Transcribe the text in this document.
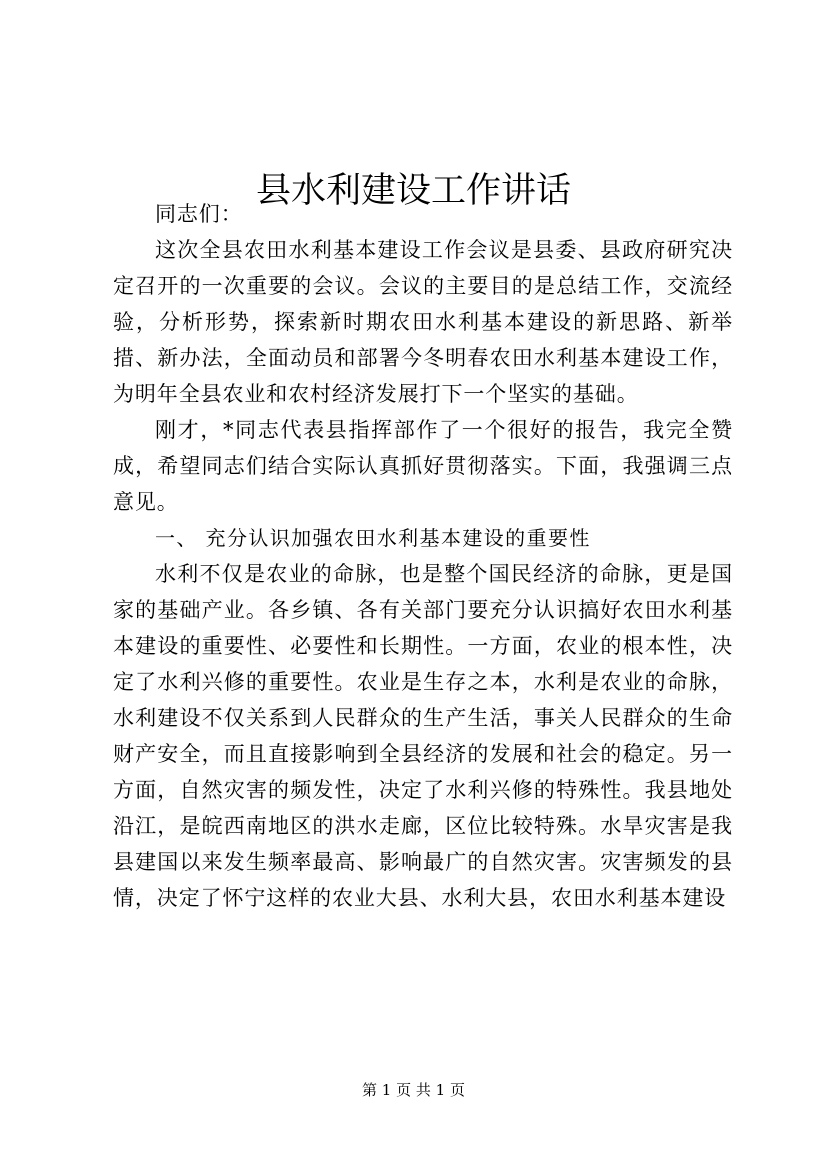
县水利建设工作讲话

同志们：

这次全县农田水利基本建设工作会议是县委、县政府研究决定召开的一次重要的会议。会议的主要目的是总结工作，交流经验，分析形势，探索新时期农田水利基本建设的新思路、新举措、新办法，全面动员和部署今冬明春农田水利基本建设工作，为明年全县农业和农村经济发展打下一个坚实的基础。

刚才，*同志代表县指挥部作了一个很好的报告，我完全赞成，希望同志们结合实际认真抓好贯彻落实。下面，我强调三点意见。

一、 充分认识加强农田水利基本建设的重要性

水利不仅是农业的命脉，也是整个国民经济的命脉，更是国家的基础产业。各乡镇、各有关部门要充分认识搞好农田水利基本建设的重要性、必要性和长期性。一方面，农业的根本性，决定了水利兴修的重要性。农业是生存之本，水利是农业的命脉，水利建设不仅关系到人民群众的生产生活，事关人民群众的生命财产安全，而且直接影响到全县经济的发展和社会的稳定。另一方面，自然灾害的频发性，决定了水利兴修的特殊性。我县地处沿江，是皖西南地区的洪水走廊，区位比较特殊。水旱灾害是我县建国以来发生频率最高、影响最广的自然灾害。灾害频发的县情，决定了怀宁这样的农业大县、水利大县，农田水利基本建设

第 1 页 共 1 页
